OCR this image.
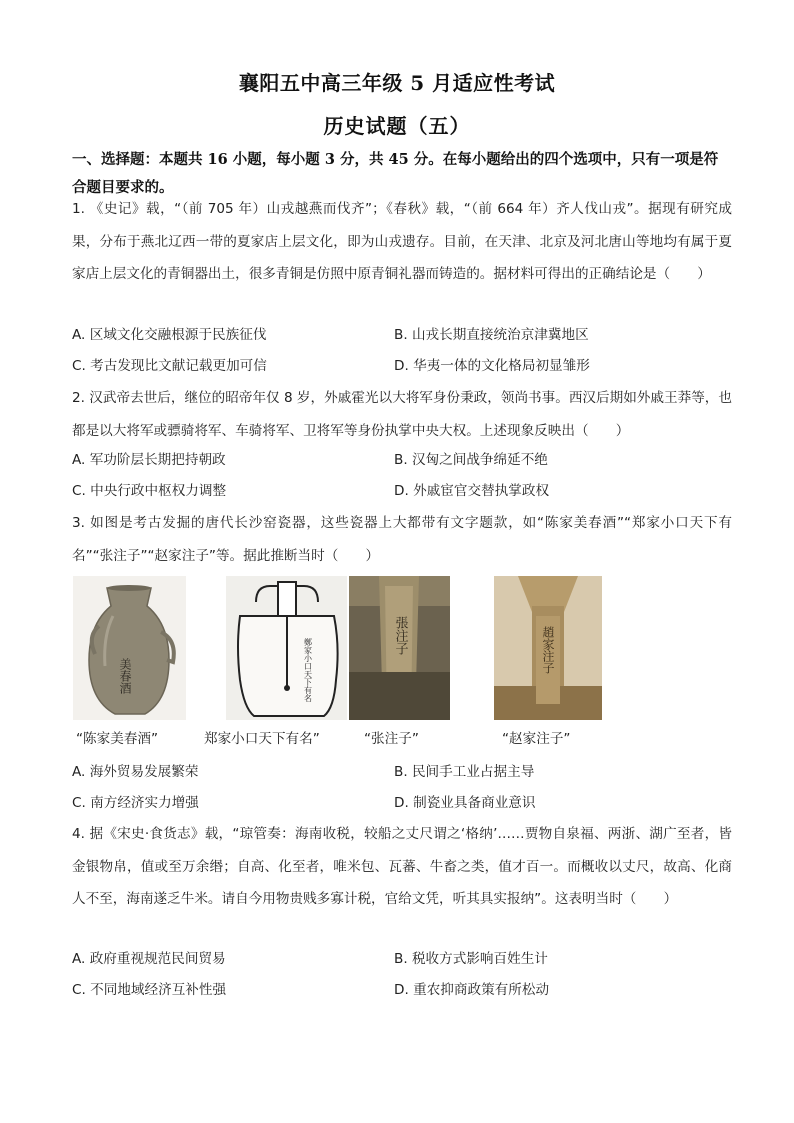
襄阳五中高三年级 5 月适应性考试
历史试题（五）
一、选择题：本题共 16 小题，每小题 3 分，共 45 分。在每小题给出的四个选项中，只有一项是符合题目要求的。
1. 《史记》载，“（前 705 年）山戎越燕而伐齐”；《春秋》载，“（前 664 年）齐人伐山戎”。据现有研究成果，分布于燕北辽西一带的夏家店上层文化，即为山戎遗存。目前，在天津、北京及河北唐山等地均有属于夏家店上层文化的青铜器出土，很多青铜是仿照中原青铜礼器而铸造的。据材料可得出的正确结论是（　　）
A. 区域文化交融根源于民族征伐	B. 山戎长期直接统治京津冀地区
C. 考古发现比文献记载更加可信	D. 华夷一体的文化格局初显雏形
2. 汉武帝去世后，继位的昭帝年仅 8 岁，外戚霍光以大将军身份秉政，领尚书事。西汉后期如外戚王莽等，也都是以大将军或骠骑将军、车骑将军、卫将军等身份执掌中央大权。上述现象反映出（　　）
A. 军功阶层长期把持朝政	B. 汉匈之间战争绵延不绝
C. 中央行政中枢权力调整	D. 外戚宦官交替执掌政权
3. 如图是考古发掘的唐代长沙窑瓷器，这些瓷器上大都带有文字题款，如“陈家美春酒”“郑家小口天下有名”“张注子”“赵家注子”等。据此推断当时（　　）
美春酒	鄭家小口天下有名
張注子	趙家注子
“陈家美春酒”	郑家小口天下有名”	“张注子”	“赵家注子”
A. 海外贸易发展繁荣	B. 民间手工业占据主导
C. 南方经济实力增强	D. 制瓷业具备商业意识
4. 据《宋史·食货志》载，“琼管奏：海南收税，较船之丈尺谓之‘格纳’……贾物自泉福、两浙、湖广至者，皆金银物帛，值或至万余缗；自高、化至者，唯米包、瓦蕃、牛畜之类，值才百一。而概收以丈尺，故高、化商人不至，海南遂乏牛米。请自今用物贵贱多寡计税，官给文凭，听其具实报纳”。这表明当时（　　）
A. 政府重视规范民间贸易	B. 税收方式影响百姓生计
C. 不同地域经济互补性强	D. 重农抑商政策有所松动
